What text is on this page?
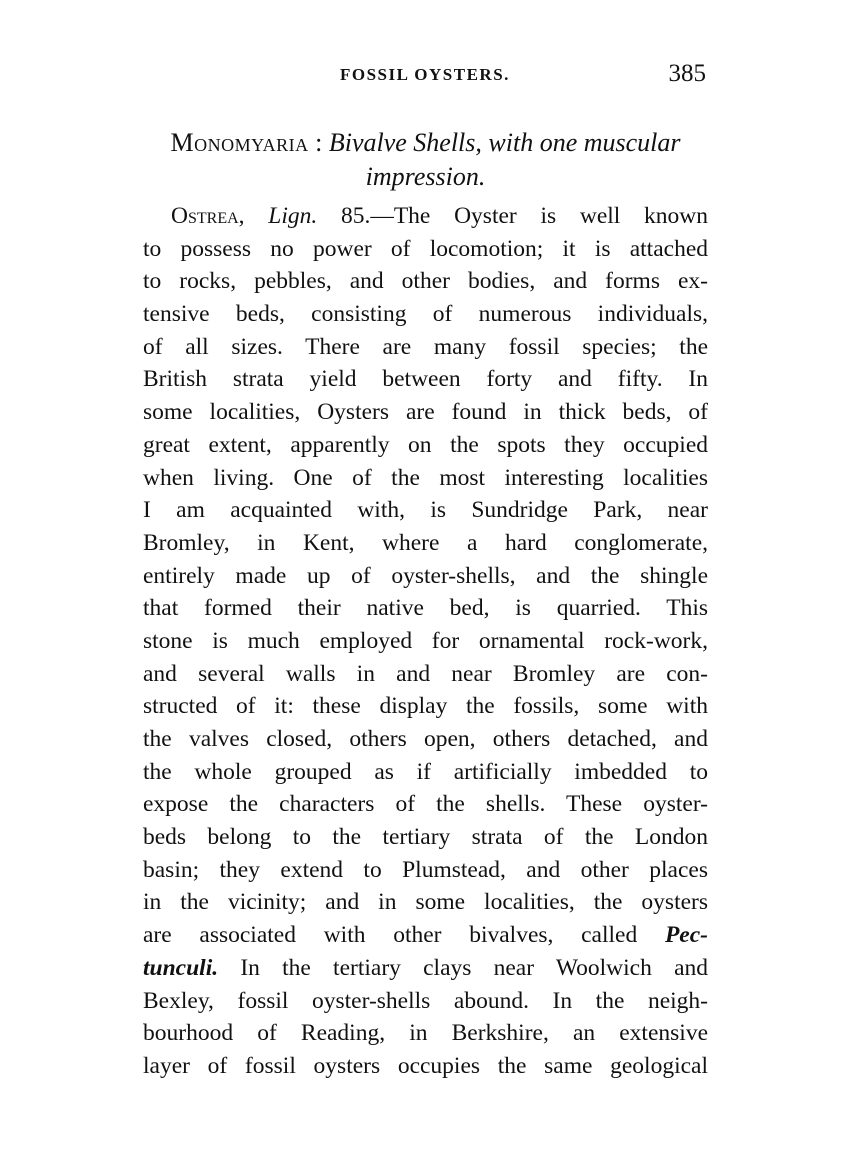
FOSSIL OYSTERS.	385
Monomyaria : Bivalve Shells, with one muscular
impression.
Ostrea, Lign. 85.—The Oyster is well known
to possess no power of locomotion; it is attached
to rocks, pebbles, and other bodies, and forms ex-
tensive beds, consisting of numerous individuals,
of all sizes. There are many fossil species; the
British strata yield between forty and fifty. In
some localities, Oysters are found in thick beds, of
great extent, apparently on the spots they occupied
when living. One of the most interesting localities
I am acquainted with, is Sundridge Park, near
Bromley, in Kent, where a hard conglomerate,
entirely made up of oyster-shells, and the shingle
that formed their native bed, is quarried. This
stone is much employed for ornamental rock-work,
and several walls in and near Bromley are con-
structed of it: these display the fossils, some with
the valves closed, others open, others detached, and
the whole grouped as if artificially imbedded to
expose the characters of the shells. These oyster-
beds belong to the tertiary strata of the London
basin; they extend to Plumstead, and other places
in the vicinity; and in some localities, the oysters
are associated with other bivalves, called Pec-
tunculi. In the tertiary clays near Woolwich and
Bexley, fossil oyster-shells abound. In the neigh-
bourhood of Reading, in Berkshire, an extensive
layer of fossil oysters occupies the same geological
